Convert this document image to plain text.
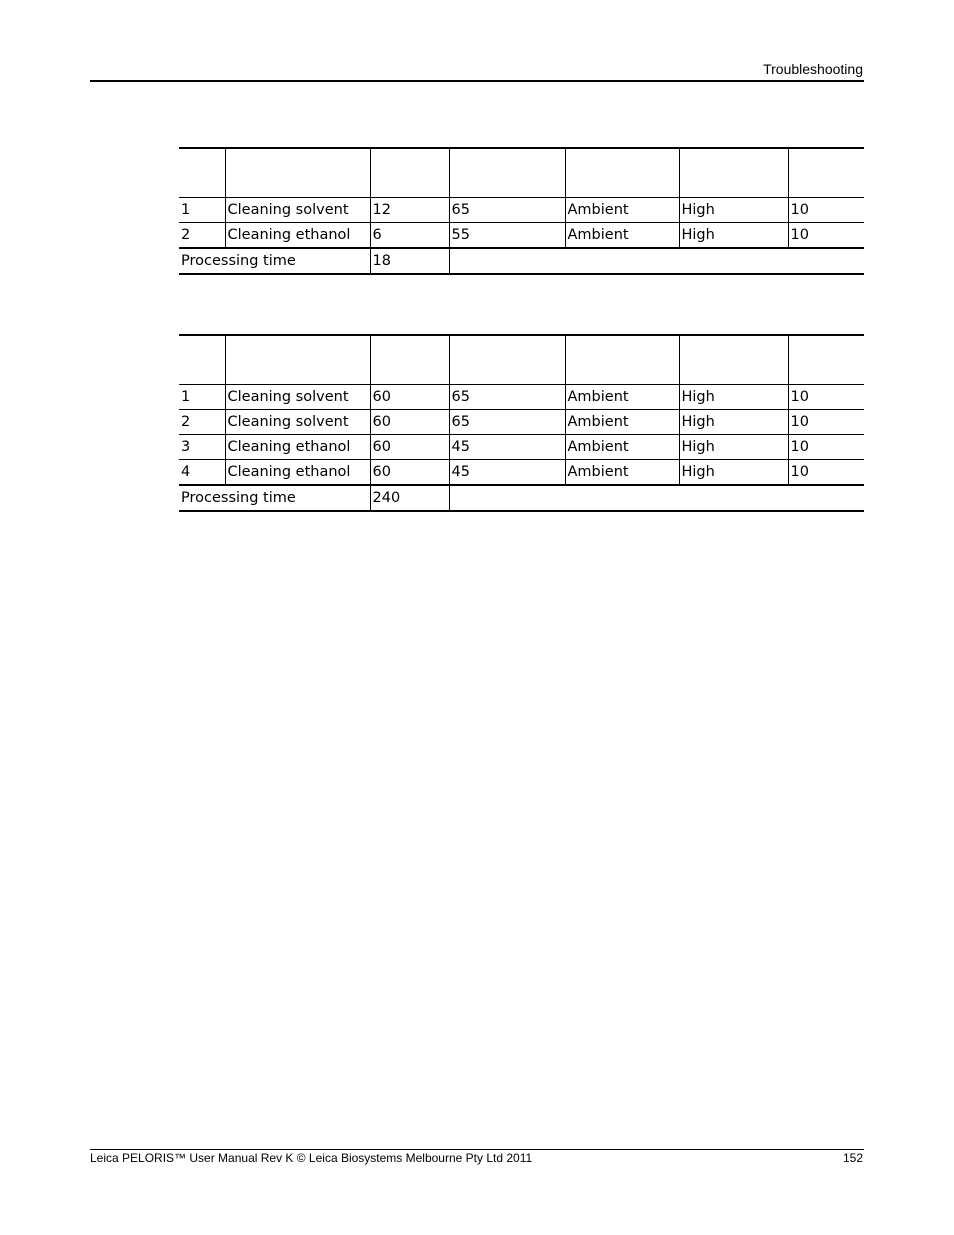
Troubleshooting

1	Cleaning solvent	12	65	Ambient	High	10
2	Cleaning ethanol	6	55	Ambient	High	10
Processing time		18				

1	Cleaning solvent	60	65	Ambient	High	10
2	Cleaning solvent	60	65	Ambient	High	10
3	Cleaning ethanol	60	45	Ambient	High	10
4	Cleaning ethanol	60	45	Ambient	High	10
Processing time		240				
Leica PELORIS™ User Manual Rev K © Leica Biosystems Melbourne Pty Ltd 2011	152
